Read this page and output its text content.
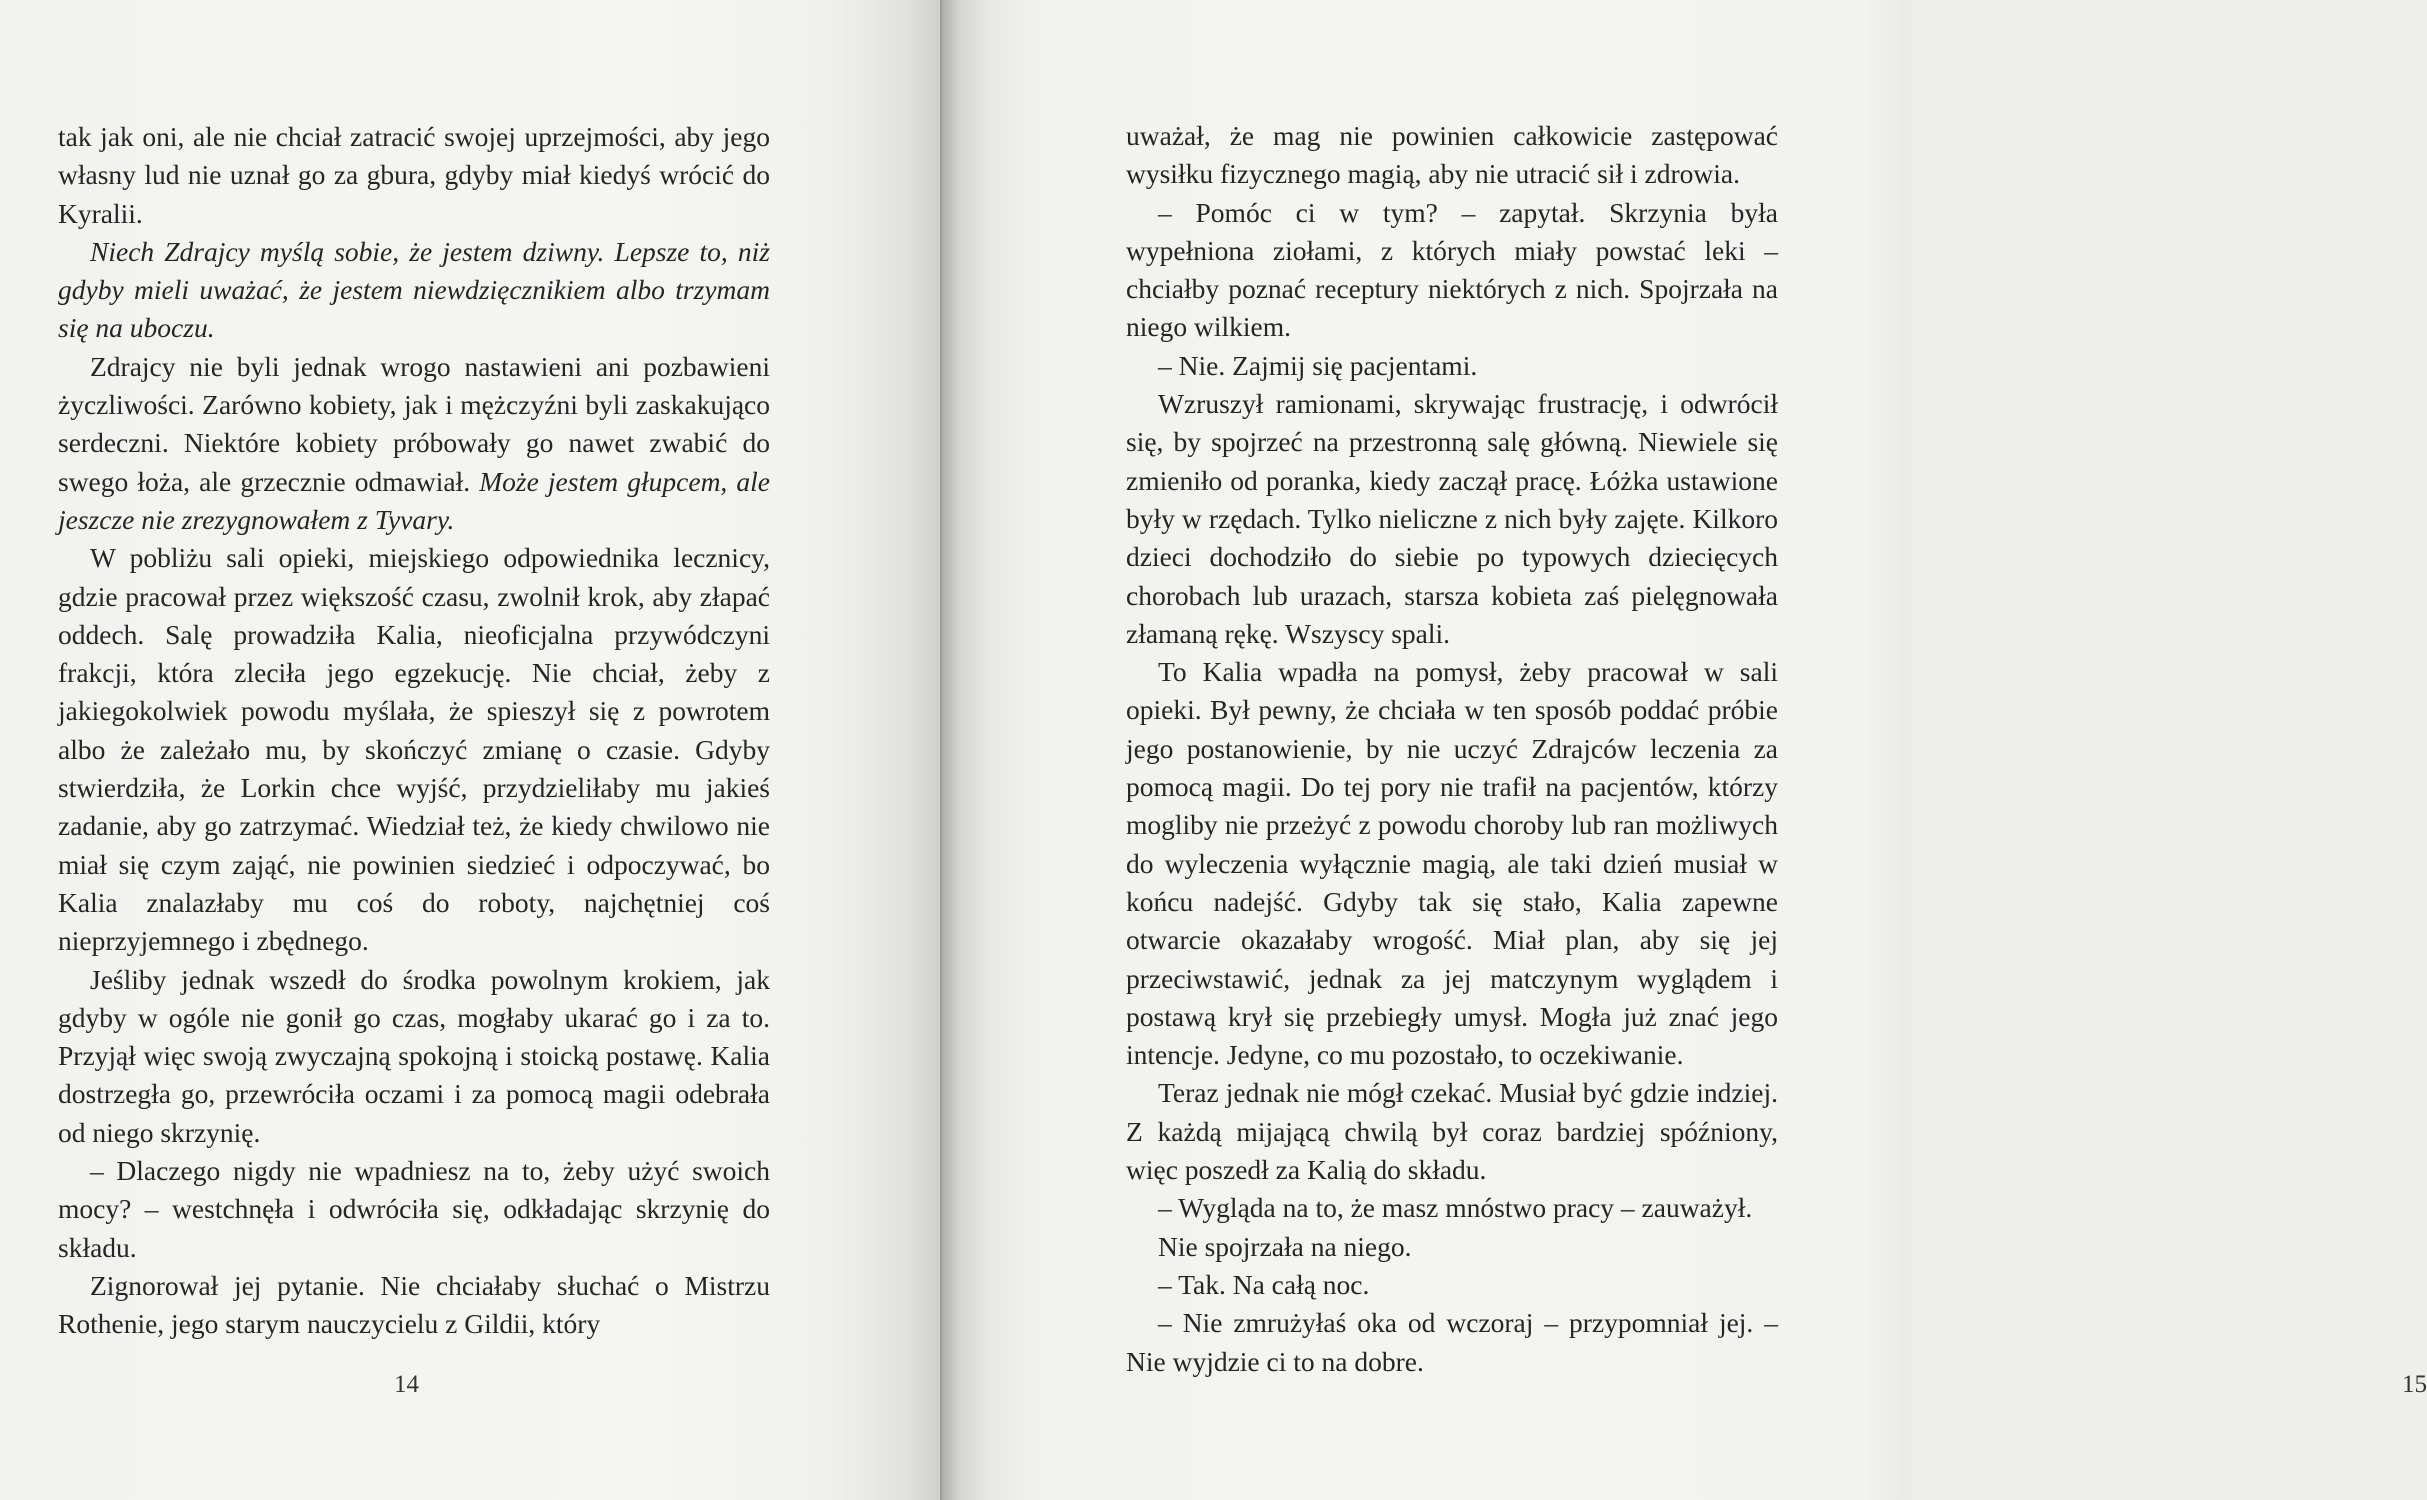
tak jak oni, ale nie chciał zatracić swojej uprzejmości, aby jego własny lud nie uznał go za gbura, gdyby miał kiedyś wrócić do Kyralii.

Niech Zdrajcy myślą sobie, że jestem dziwny. Lepsze to, niż gdyby mieli uważać, że jestem niewdzięcznikiem albo trzymam się na uboczu.

Zdrajcy nie byli jednak wrogo nastawieni ani pozbawieni życzliwości. Zarówno kobiety, jak i mężczyźni byli zaskakująco serdeczni. Niektóre kobiety próbowały go nawet zwabić do swego łoża, ale grzecznie odmawiał. Może jestem głupcem, ale jeszcze nie zrezygnowałem z Tyvary.

W pobliżu sali opieki, miejskiego odpowiednika lecznicy, gdzie pracował przez większość czasu, zwolnił krok, aby złapać oddech. Salę prowadziła Kalia, nieoficjalna przywódczyni frakcji, która zleciła jego egzekucję. Nie chciał, żeby z jakiegokolwiek powodu myślała, że spieszył się z powrotem albo że zależało mu, by skończyć zmianę o czasie. Gdyby stwierdziła, że Lorkin chce wyjść, przydzieliłaby mu jakieś zadanie, aby go zatrzymać. Wiedział też, że kiedy chwilowo nie miał się czym zająć, nie powinien siedzieć i odpoczywać, bo Kalia znalazłaby mu coś do roboty, najchętniej coś nieprzyjemnego i zbędnego.

Jeśliby jednak wszedł do środka powolnym krokiem, jak gdyby w ogóle nie gonił go czas, mogłaby ukarać go i za to. Przyjął więc swoją zwyczajną spokojną i stoicką postawę. Kalia dostrzegła go, przewróciła oczami i za pomocą magii odebrała od niego skrzynię.

– Dlaczego nigdy nie wpadniesz na to, żeby użyć swoich mocy? – westchnęła i odwróciła się, odkładając skrzynię do składu.

Zignorował jej pytanie. Nie chciałaby słuchać o Mistrzu Rothenie, jego starym nauczycielu z Gildii, który

14

uważał, że mag nie powinien całkowicie zastępować wysiłku fizycznego magią, aby nie utracić sił i zdrowia.

– Pomóc ci w tym? – zapytał. Skrzynia była wypełniona ziołami, z których miały powstać leki – chciałby poznać receptury niektórych z nich. Spojrzała na niego wilkiem.

– Nie. Zajmij się pacjentami.

Wzruszył ramionami, skrywając frustrację, i odwrócił się, by spojrzeć na przestronną salę główną. Niewiele się zmieniło od poranka, kiedy zaczął pracę. Łóżka ustawione były w rzędach. Tylko nieliczne z nich były zajęte. Kilkoro dzieci dochodziło do siebie po typowych dziecięcych chorobach lub urazach, starsza kobieta zaś pielęgnowała złamaną rękę. Wszyscy spali.

To Kalia wpadła na pomysł, żeby pracował w sali opieki. Był pewny, że chciała w ten sposób poddać próbie jego postanowienie, by nie uczyć Zdrajców leczenia za pomocą magii. Do tej pory nie trafił na pacjentów, którzy mogliby nie przeżyć z powodu choroby lub ran możliwych do wyleczenia wyłącznie magią, ale taki dzień musiał w końcu nadejść. Gdyby tak się stało, Kalia zapewne otwarcie okazałaby wrogość. Miał plan, aby się jej przeciwstawić, jednak za jej matczynym wyglądem i postawą krył się przebiegły umysł. Mogła już znać jego intencje. Jedyne, co mu pozostało, to oczekiwanie.

Teraz jednak nie mógł czekać. Musiał być gdzie indziej. Z każdą mijającą chwilą był coraz bardziej spóźniony, więc poszedł za Kalią do składu.

– Wygląda na to, że masz mnóstwo pracy – zauważył.

Nie spojrzała na niego.

– Tak. Na całą noc.

– Nie zmrużyłaś oka od wczoraj – przypomniał jej. – Nie wyjdzie ci to na dobre.

15
